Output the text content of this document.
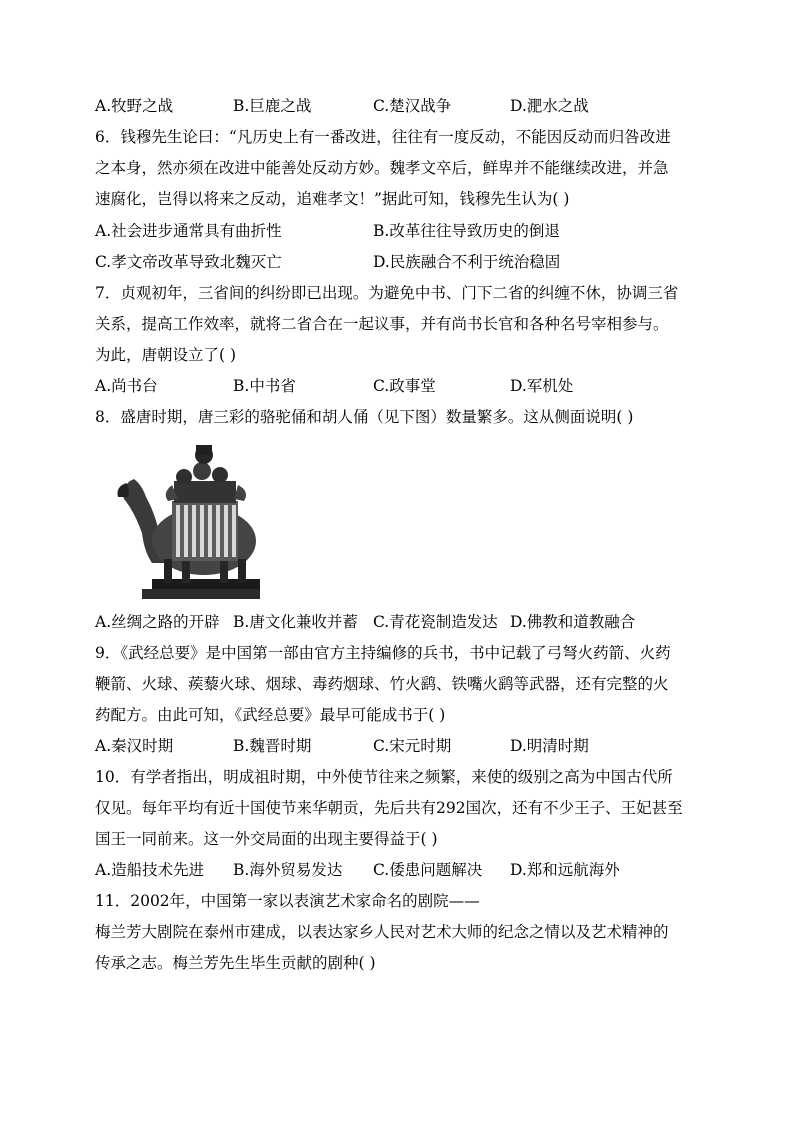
A.牧野之战	B.巨鹿之战	C.楚汉战争	D.淝水之战
6．钱穆先生论曰：“凡历史上有一番改进，往往有一度反动，不能因反动而归咎改进
之本身，然亦须在改进中能善处反动方妙。魏孝文卒后，鲜卑并不能继续改进，并急
速腐化，岂得以将来之反动，追难孝文！”据此可知，钱穆先生认为( )
A.社会进步通常具有曲折性	B.改革往往导致历史的倒退
C.孝文帝改革导致北魏灭亡	D.民族融合不利于统治稳固
7．贞观初年，三省间的纠纷即已出现。为避免中书、门下二省的纠缠不休，协调三省
关系，提高工作效率，就将二省合在一起议事，并有尚书长官和各种名号宰相参与。
为此，唐朝设立了( )
A.尚书台	B.中书省	C.政事堂	D.军机处
8．盛唐时期，唐三彩的骆驼俑和胡人俑（见下图）数量繁多。这从侧面说明( )
A.丝绸之路的开辟 B.唐文化兼收并蓄 C.青花瓷制造发达 D.佛教和道教融合
9．《武经总要》是中国第一部由官方主持编修的兵书，书中记载了弓弩火药箭、火药
鞭箭、火球、蒺藜火球、烟球、毒药烟球、竹火鹞、铁嘴火鹞等武器，还有完整的火
药配方。由此可知，《武经总要》最早可能成书于( )
A.秦汉时期	B.魏晋时期	C.宋元时期	D.明清时期
10．有学者指出，明成祖时期，中外使节往来之频繁，来使的级别之高为中国古代所
仅见。每年平均有近十国使节来华朝贡，先后共有292国次，还有不少王子、王妃甚至
国王一同前来。这一外交局面的出现主要得益于( )
A.造船技术先进 B.海外贸易发达 C.倭患问题解决 D.郑和远航海外
11．2002年，中国第一家以表演艺术家命名的剧院——
梅兰芳大剧院在泰州市建成，以表达家乡人民对艺术大师的纪念之情以及艺术精神的
传承之志。梅兰芳先生毕生贡献的剧种( )
